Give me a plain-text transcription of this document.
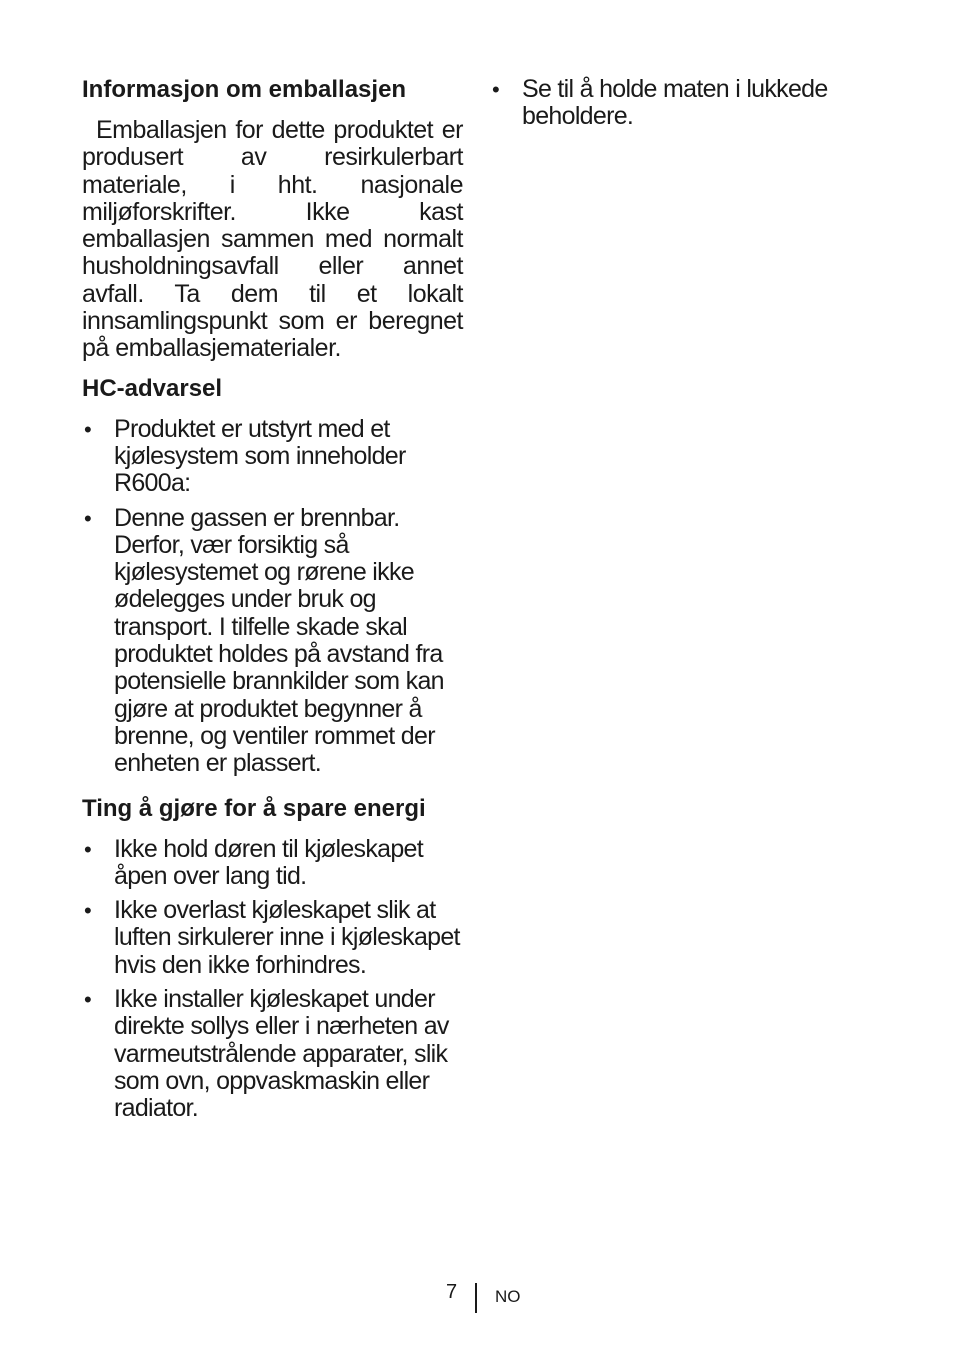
Informasjon om emballasjen

Emballasjen for dette produktet er produsert av resirkulerbart materiale, i hht. nasjonale miljøforskrifter. Ikke kast emballasjen sammen med normalt husholdningsavfall eller annet avfall. Ta dem til et lokalt innsamlingspunkt som er beregnet på emballasjematerialer.

HC-advarsel
• Produktet er utstyrt med et kjølesystem som inneholder R600a:
• Denne gassen er brennbar. Derfor, vær forsiktig så kjølesystemet og rørene ikke ødelegges under bruk og transport. I tilfelle skade skal produktet holdes på avstand fra potensielle brannkilder som kan gjøre at produktet begynner å brenne, og ventiler rommet der enheten er plassert.
Ting å gjøre for å spare energi
• Ikke hold døren til kjøleskapet åpen over lang tid.
• Ikke overlast kjøleskapet slik at luften sirkulerer inne i kjøleskapet hvis den ikke forhindres.
• Ikke installer kjøleskapet under direkte sollys eller i nærheten av varmeutstrålende apparater, slik som ovn, oppvaskmaskin eller radiator.
• Se til å holde maten i lukkede beholdere.
7 NO
